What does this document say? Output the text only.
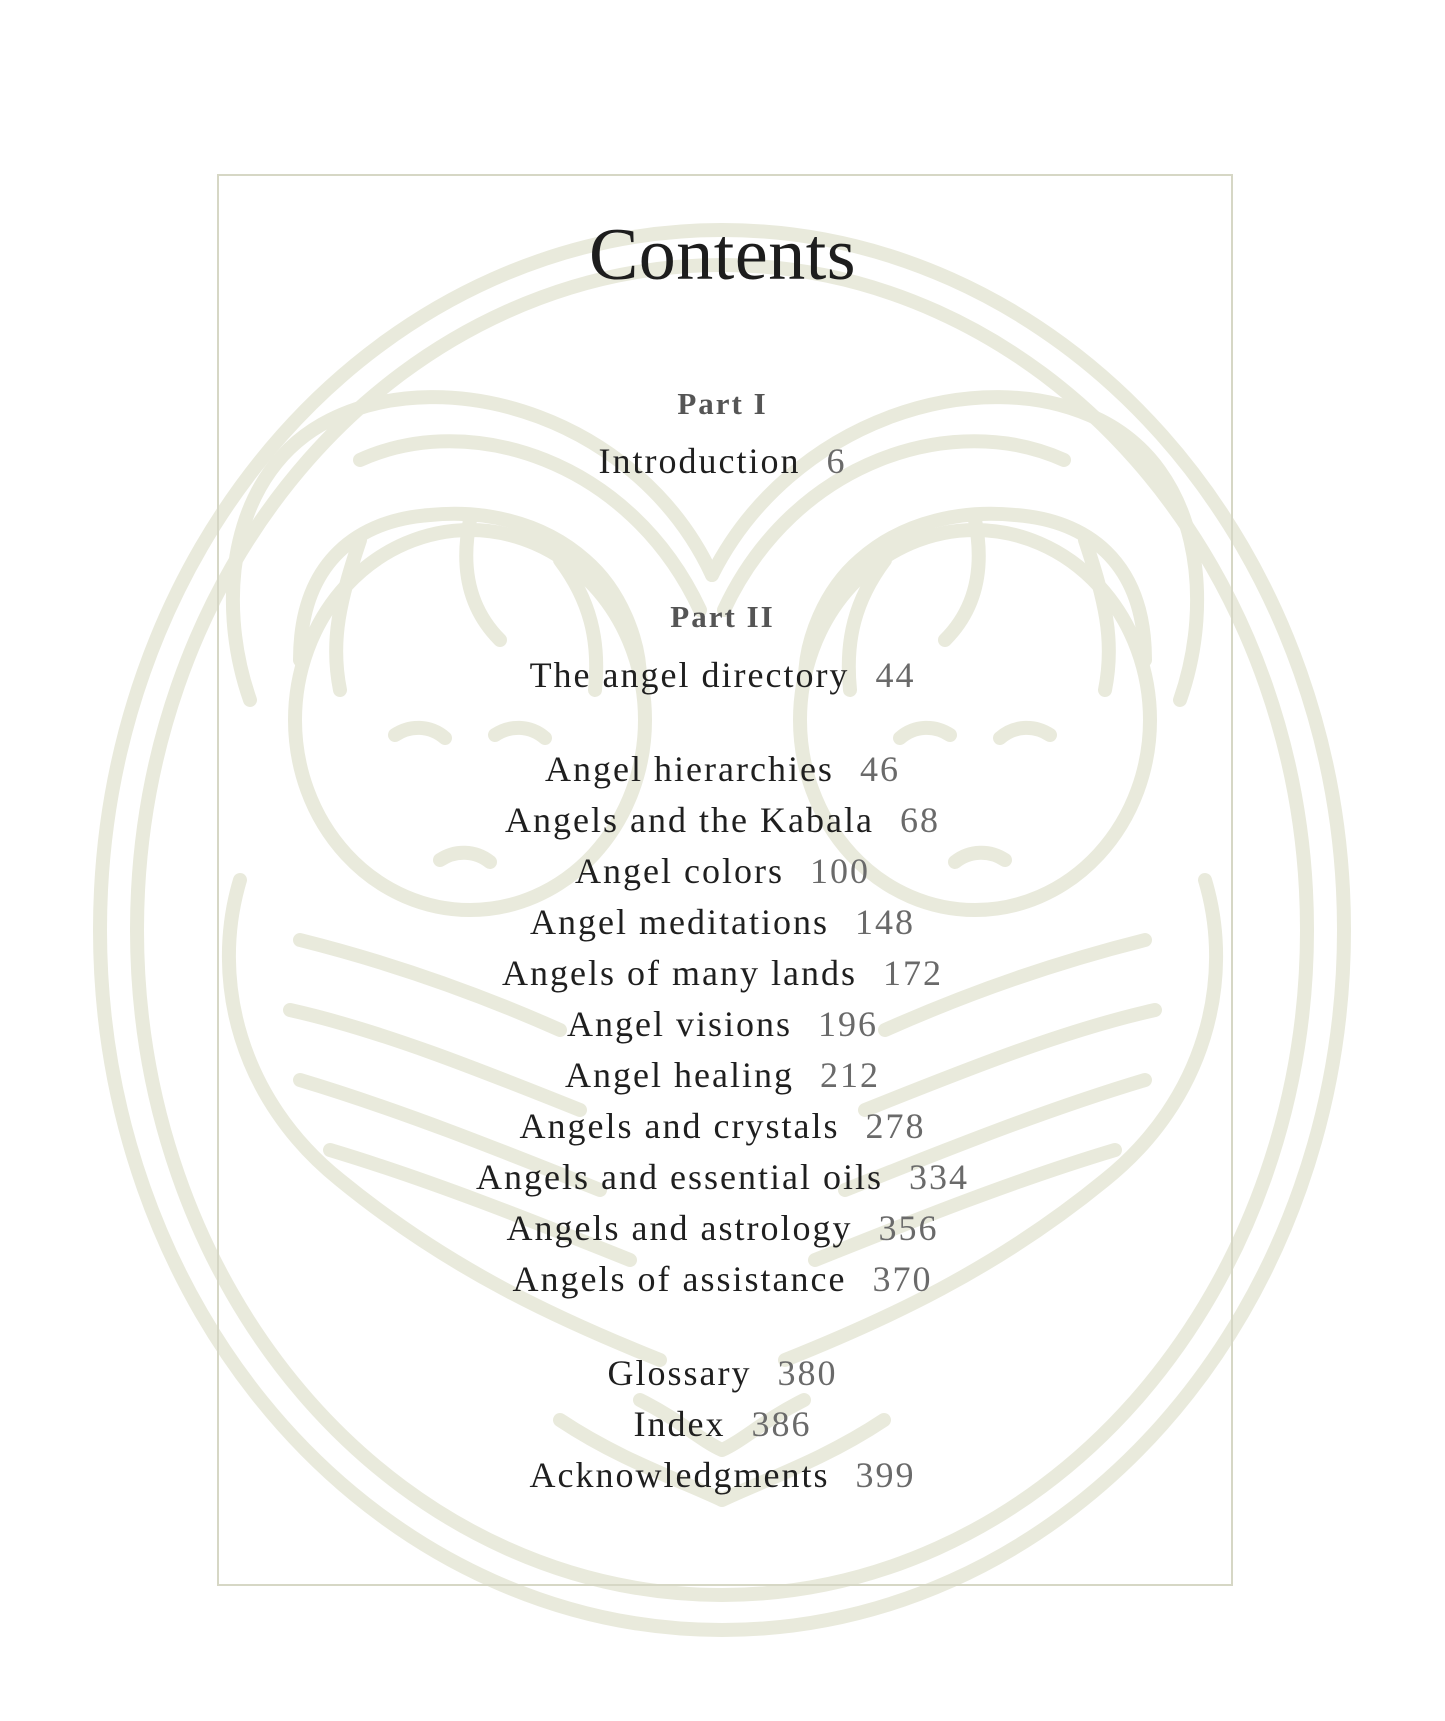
Contents
Part I
Introduction 6
Part II
The angel directory 44
Angel hierarchies 46
Angels and the Kabala 68
Angel colors 100
Angel meditations 148
Angels of many lands 172
Angel visions 196
Angel healing 212
Angels and crystals 278
Angels and essential oils 334
Angels and astrology 356
Angels of assistance 370
Glossary 380
Index 386
Acknowledgments 399
